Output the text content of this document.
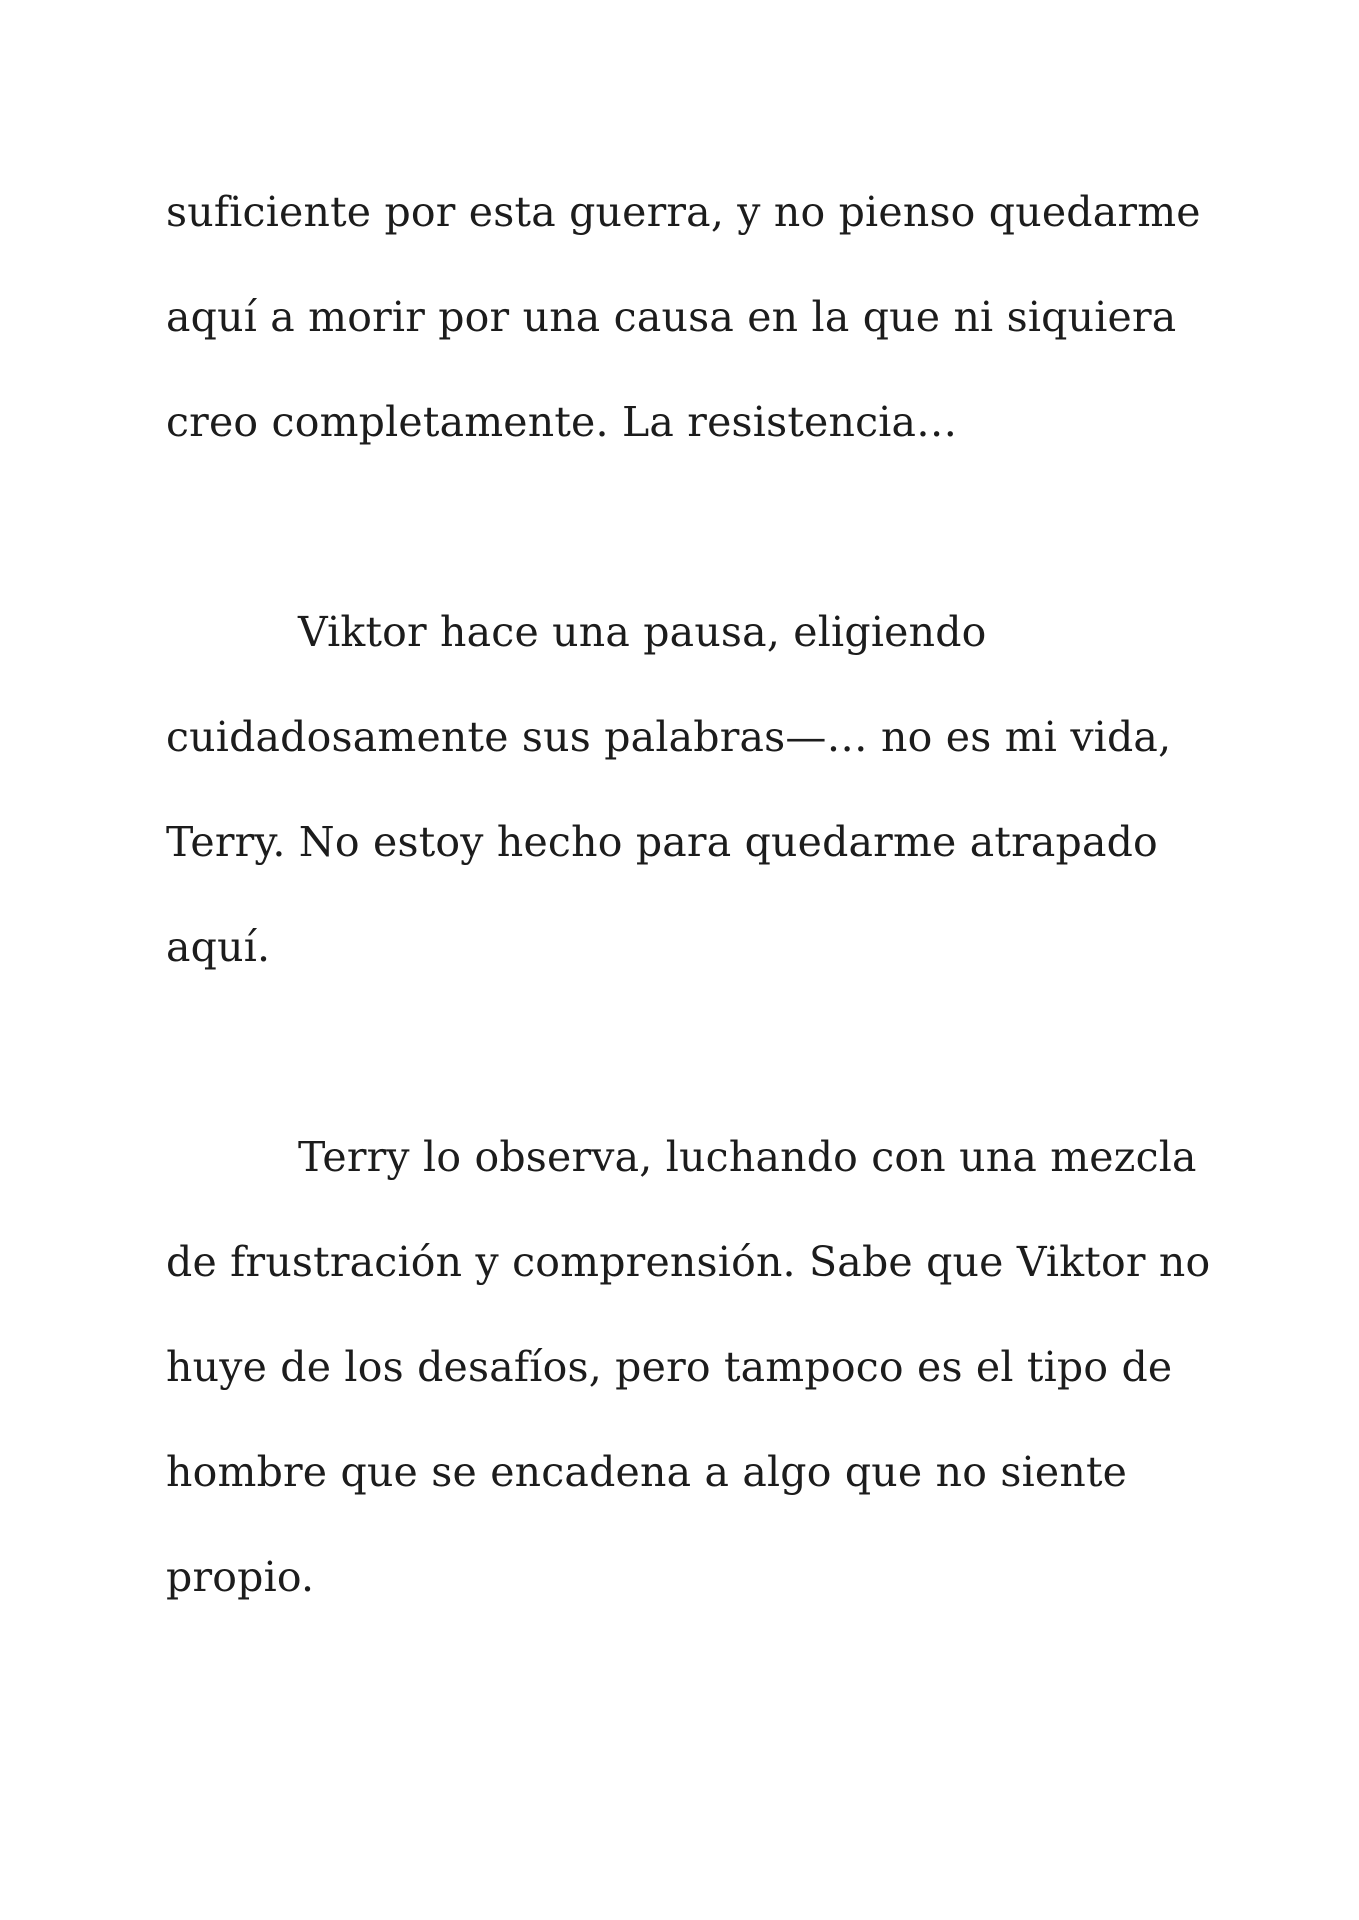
suficiente por esta guerra, y no pienso quedarme
aquí a morir por una causa en la que ni siquiera
creo completamente. La resistencia…

Viktor hace una pausa, eligiendo
cuidadosamente sus palabras—… no es mi vida,
Terry. No estoy hecho para quedarme atrapado
aquí.

Terry lo observa, luchando con una mezcla
de frustración y comprensión. Sabe que Viktor no
huye de los desafíos, pero tampoco es el tipo de
hombre que se encadena a algo que no siente
propio.
